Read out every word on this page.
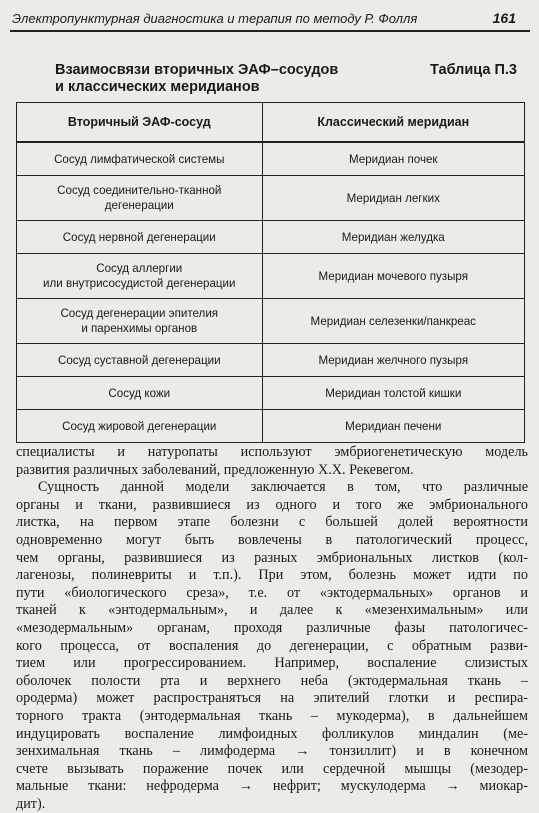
Электропунктурная диагностика и терапия по методу Р. Фолля	161
Взаимосвязи вторичных ЭАФ–сосудов
и классических меридианов
Таблица П.3
Вторичный ЭАФ-сосуд	Классический меридиан
Сосуд лимфатической системы	Меридиан почек
Сосуд соединительно-тканной
дегенерации	Меридиан легких
Сосуд нервной дегенерации	Меридиан желудка
Сосуд аллергии
или внутрисосудистой дегенерации	Меридиан мочевого пузыря
Сосуд дегенерации эпителия
и паренхимы органов	Меридиан селезенки/панкреас
Сосуд суставной дегенерации	Меридиан желчного пузыря
Сосуд кожи	Меридиан толстой кишки
Сосуд жировой дегенерации	Меридиан печени

специалисты и натуропаты используют эмбриогенетическую модель
развития различных заболеваний, предложенную Х.Х. Рекевегом.

Сущность данной модели заключается в том, что различные
органы и ткани, развившиеся из одного и того же эмбрионального
листка, на первом этапе болезни с большей долей вероятности
одновременно могут быть вовлечены в патологический процесс,
чем органы, развившиеся из разных эмбриональных листков (кол-
лагенозы, полиневриты и т.п.). При этом, болезнь может идти по
пути «биологического среза», т.е. от «эктодермальных» органов и
тканей к «энтодермальным», и далее к «мезенхимальным» или
«мезодермальным» органам, проходя различные фазы патологичес-
кого процесса, от воспаления до дегенерации, с обратным разви-
тием или прогрессированием. Например, воспаление слизистых
оболочек полости рта и верхнего неба (эктодермальная ткань –
ородерма) может распространяться на эпителий глотки и респира-
торного тракта (энтодермальная ткань – мукодерма), в дальнейшем
индуцировать воспаление лимфоидных фолликулов миндалин (ме-
зенхимальная ткань – лимфодерма → тонзиллит) и в конечном
счете вызывать поражение почек или сердечной мышцы (мезодер-
мальные ткани: нефродерма → нефрит; мускулодерма → миокар-
дит).
